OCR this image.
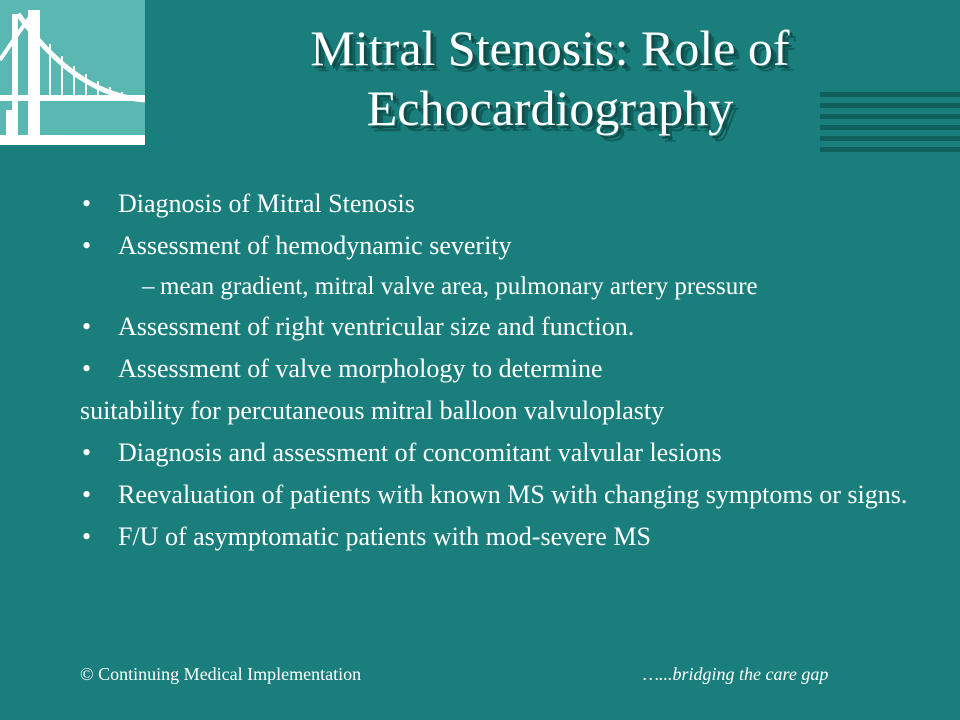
Mitral Stenosis: Role of
Echocardiography
• Diagnosis of Mitral Stenosis
• Assessment of hemodynamic severity
– mean gradient, mitral valve area, pulmonary artery pressure
• Assessment of right ventricular size and function.
• Assessment of valve morphology to determine
suitability for percutaneous mitral balloon valvuloplasty
• Diagnosis and assessment of concomitant valvular lesions
• Reevaluation of patients with known MS with changing symptoms or signs.
• F/U of asymptomatic patients with mod-severe MS
© Continuing Medical Implementation	…...bridging the care gap
